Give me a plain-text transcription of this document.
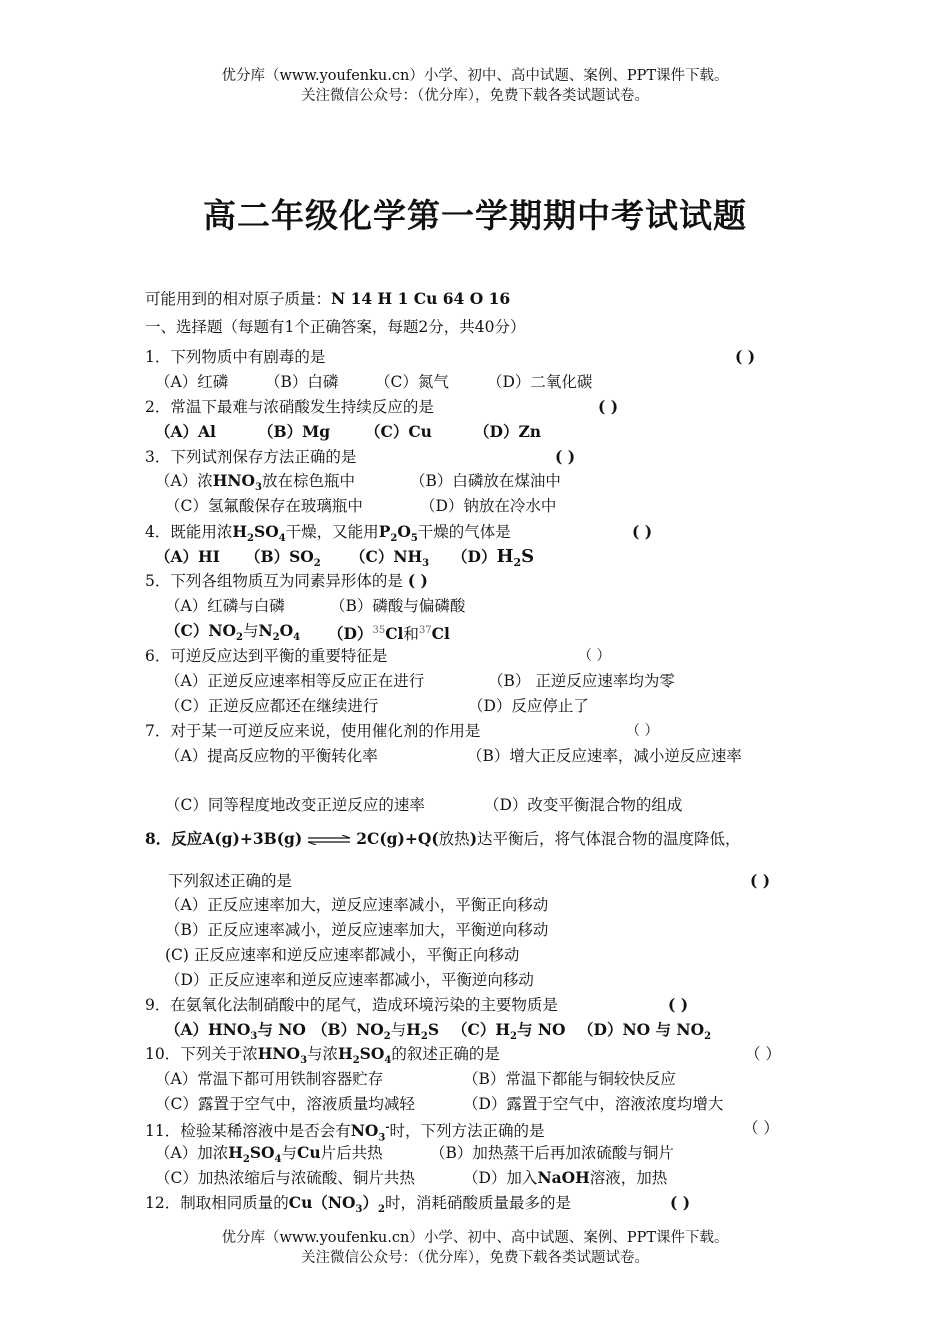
优分库（www.youfenku.cn）小学、初中、高中试题、案例、PPT课件下载。
关注微信公众号：（优分库），免费下载各类试题试卷。
高二年级化学第一学期期中考试试题
可能用到的相对原子质量：N 14 H 1 Cu 64 O 16
一、选择题（每题有1个正确答案，每题2分，共40分）
1．下列物质中有剧毒的是	( )
（A）红磷 （B）白磷 （C）氮气 （D）二氧化碳
2．常温下最难与浓硝酸发生持续反应的是	( )
（A）Al	（B）Mg （C）Cu	（D）Zn
3．下列试剂保存方法正确的是	( )
（A）浓$HNO_3$放在棕色瓶中	（B）白磷放在煤油中
（C）氢氟酸保存在玻璃瓶中	（D）钠放在冷水中
4．既能用浓$H_2SO_4$干燥，又能用$P_2O_5$干燥的气体是	( )
（A）HI $(B)SO_2$ $(C)NH_3$ $(D)H_2S$
5．下列各组物质互为同素异形体的是 ( )
（A）红磷与白磷	（B）磷酸与偏磷酸
$(C)NO_2$与$N_2O_4$ $(D)^{35}Cl$和$^{37}$Cl
6．可逆反应达到平衡的重要特征是	（ ）
（A）正逆反应速率相等反应正在进行	（B） 正逆反应速率均为零
（C）正逆反应都还在继续进行	（D）反应停止了
7．对于某一可逆反应来说，使用催化剂的作用是	（ ）
（A）提高反应物的平衡转化率	（B）增大正反应速率，减小逆反应速率
（C）同等程度地改变正逆反应的速率	（D）改变平衡混合物的组成
8．反应A(g)+3B(g) ⇌ 2C(g)+Q(放热)达平衡后，将气体混合物的温度降低，
下列叙述正确的是	( )
（A）正反应速率加大，逆反应速率减小，平衡正向移动
（B）正反应速率减小，逆反应速率加大，平衡逆向移动
(C) 正反应速率和逆反应速率都减小，平衡正向移动
（D）正反应速率和逆反应速率都减小，平衡逆向移动
9．在氨氧化法制硝酸中的尾气，造成环境污染的主要物质是	( )
$(A)HNO_3$与 NO $(B)NO_2$与$H_2S$ $(C)H_2$与 NO （D）NO 与 $NO_2$
10．下列关于浓$HNO_3$与浓$H_2SO_4$的叙述正确的是	（ ）
（A）常温下都可用铁制容器贮存	（B）常温下都能与铜较快反应
（C）露置于空气中，溶液质量均减轻	（D）露置于空气中，溶液浓度均增大
11．检验某稀溶液中是否会有$NO_3^-$时，下列方法正确的是	（ ）
（A）加浓$H_2SO_4$与Cu片后共热	（B）加热蒸干后再加浓硫酸与铜片
（C）加热浓缩后与浓硫酸、铜片共热	（D）加入NaOH溶液，加热
12．制取相同质量的$Cu(NO_3)_2$时，消耗硝酸质量最多的是	( )
优分库（www.youfenku.cn）小学、初中、高中试题、案例、PPT课件下载。
关注微信公众号：（优分库），免费下载各类试题试卷。
